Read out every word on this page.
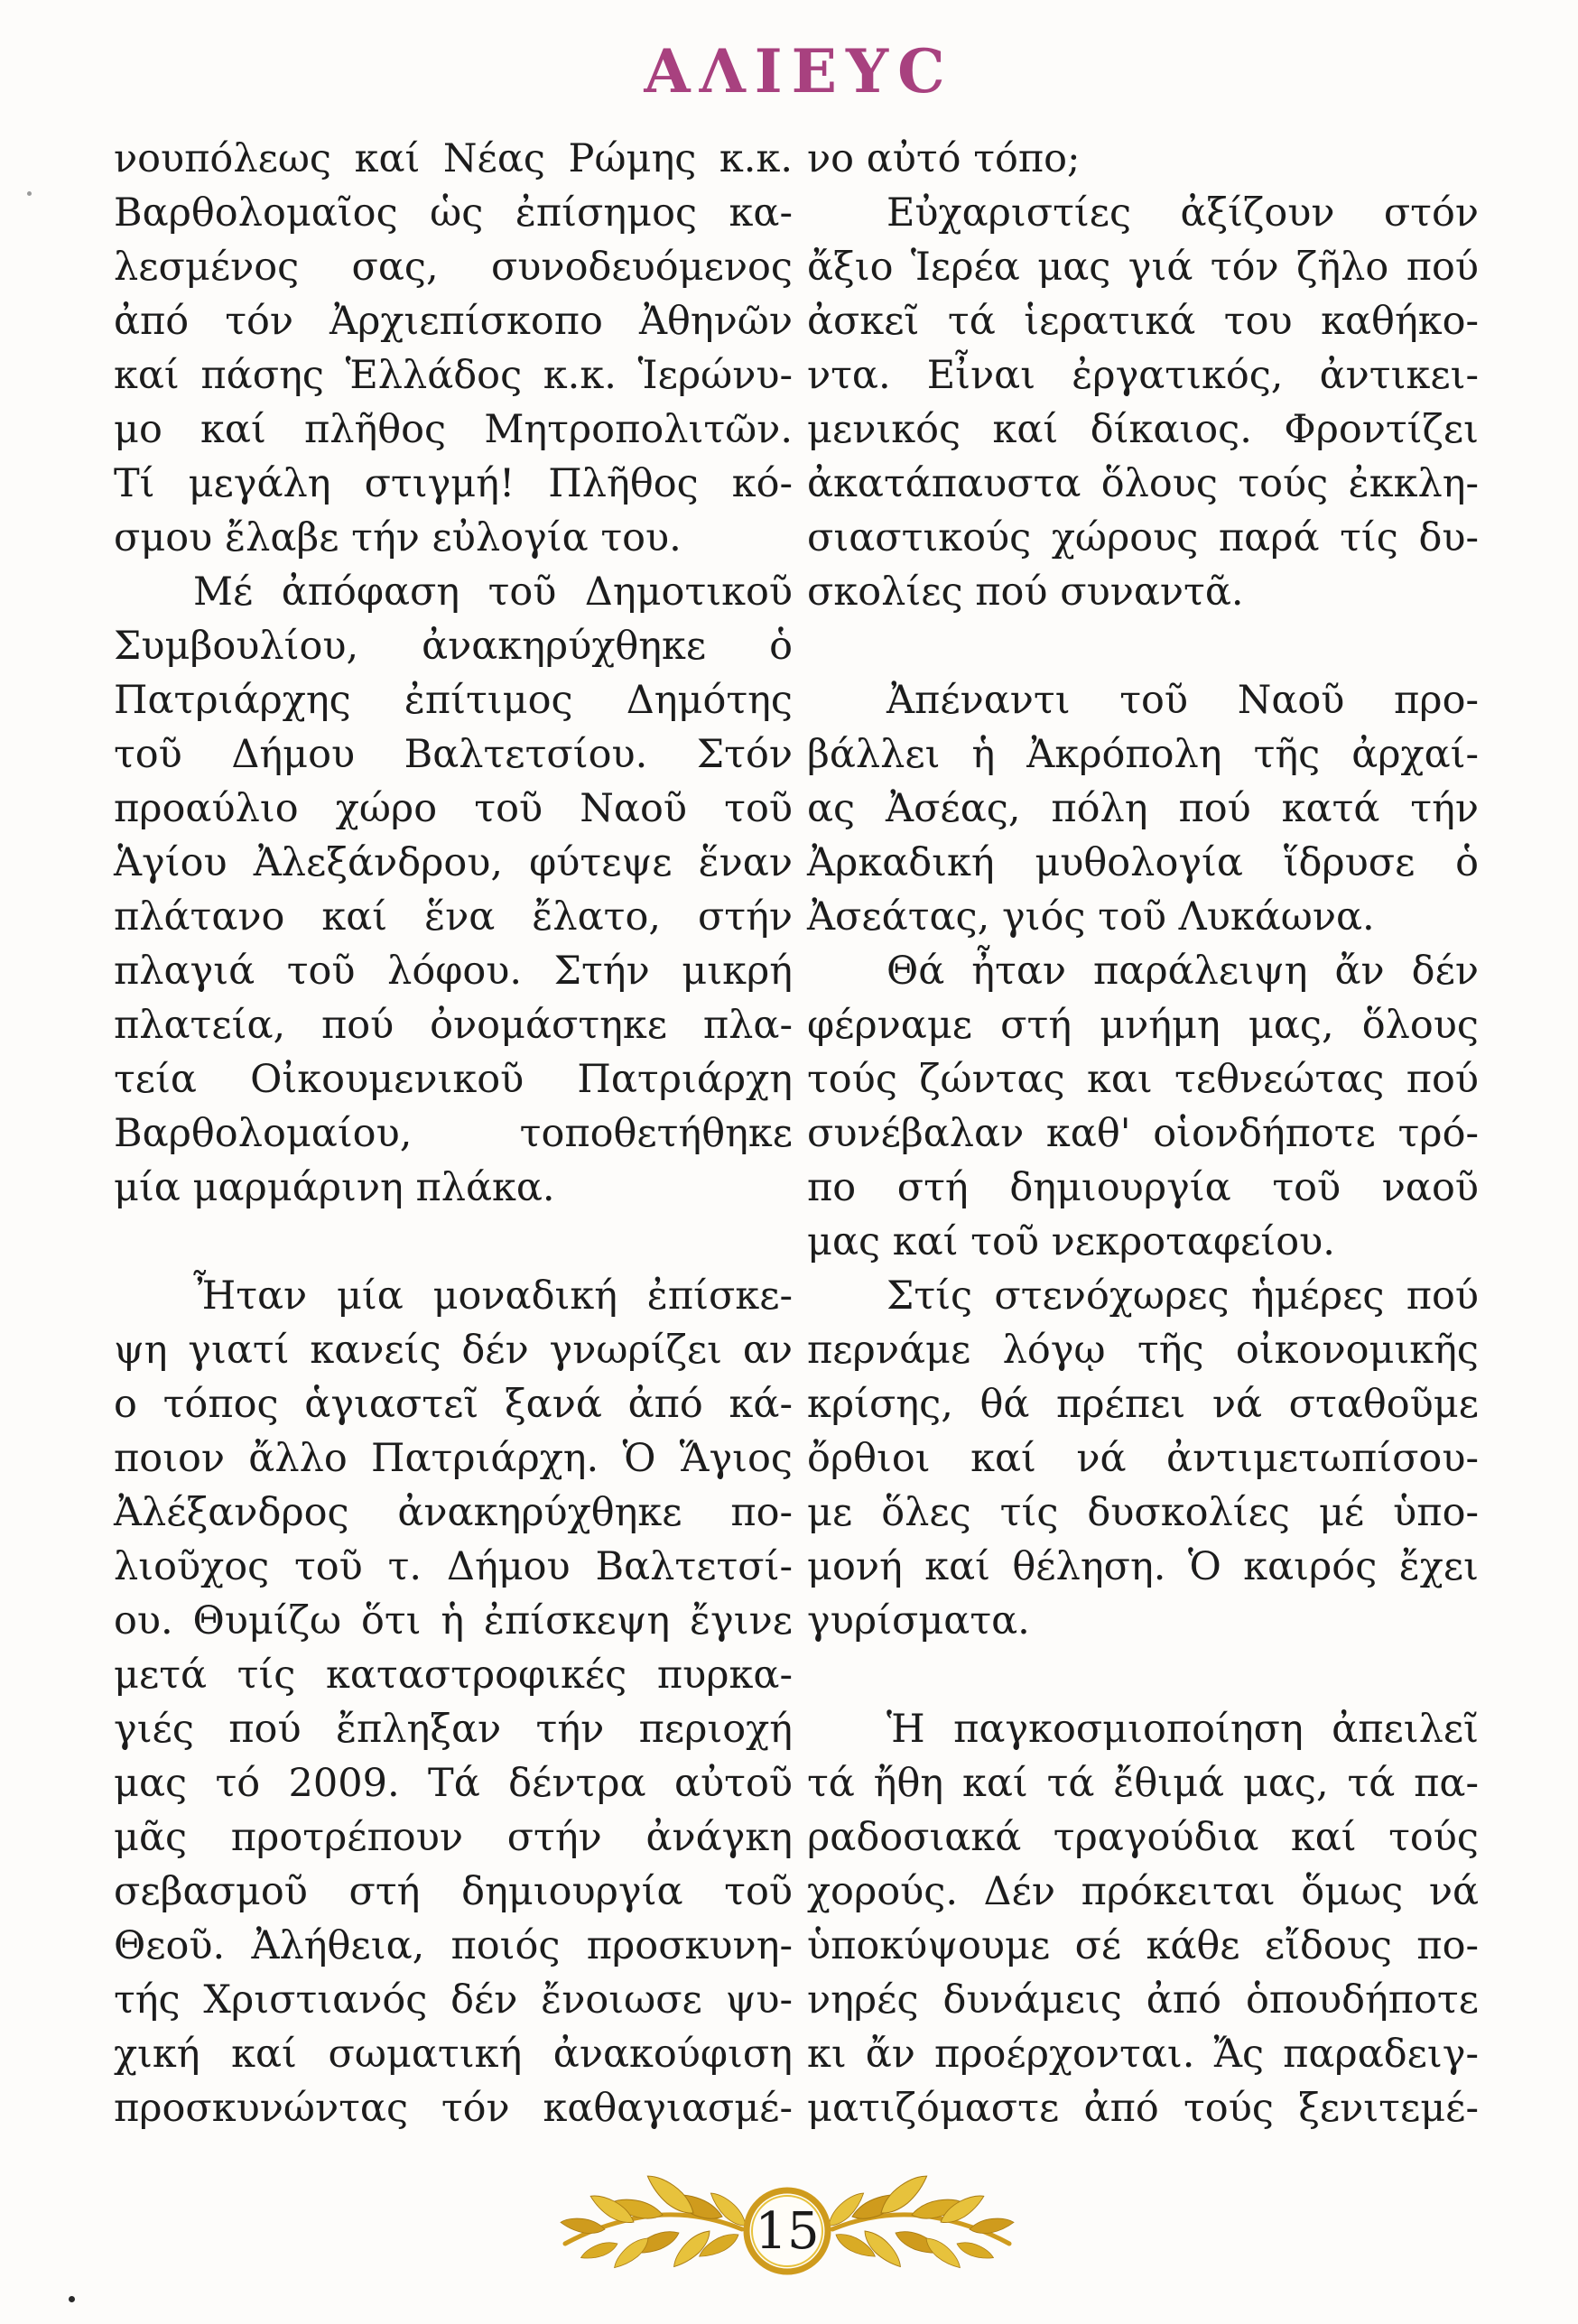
ΑΛΙΕΥC
νουπόλεως καί Νέας Ρώμης κ.κ.
Βαρθολομαῖος ὡς ἐπίσημος κα-
λεσμένος σας, συνοδευόμενος
ἀπό τόν Ἀρχιεπίσκοπο Ἀθηνῶν
καί πάσης Ἑλλάδος κ.κ. Ἱερώνυ-
μο καί πλῆθος Μητροπολιτῶν.
Τί μεγάλη στιγμή! Πλῆθος κό-
σμου ἔλαβε τήν εὐλογία του.
Μέ ἀπόφαση τοῦ Δημοτικοῦ
Συμβουλίου, ἀνακηρύχθηκε ὁ
Πατριάρχης ἐπίτιμος Δημότης
τοῦ Δήμου Βαλτετσίου. Στόν
προαύλιο χώρο τοῦ Ναοῦ τοῦ
Ἁγίου Ἀλεξάνδρου, φύτεψε ἕναν
πλάτανο καί ἕνα ἔλατο, στήν
πλαγιά τοῦ λόφου. Στήν μικρή
πλατεία, πού ὀνομάστηκε πλα-
τεία Οἰκουμενικοῦ Πατριάρχη
Βαρθολομαίου, τοποθετήθηκε
μία μαρμάρινη πλάκα.
Ἦταν μία μοναδική ἐπίσκε-
ψη γιατί κανείς δέν γνωρίζει αν
ο τόπος ἁγιαστεῖ ξανά ἀπό κά-
ποιον ἄλλο Πατριάρχη. Ὁ Ἅγιος
Ἀλέξανδρος ἀνακηρύχθηκε πο-
λιοῦχος τοῦ τ. Δήμου Βαλτετσί-
ου. Θυμίζω ὅτι ἡ ἐπίσκεψη ἔγινε
μετά τίς καταστροφικές πυρκα-
γιές πού ἔπληξαν τήν περιοχή
μας τό 2009. Τά δέντρα αὐτοῦ
μᾶς προτρέπουν στήν ἀνάγκη
σεβασμοῦ στή δημιουργία τοῦ
Θεοῦ. Ἀλήθεια, ποιός προσκυνη-
τής Χριστιανός δέν ἔνοιωσε ψυ-
χική καί σωματική ἀνακούφιση
προσκυνώντας τόν καθαγιασμέ-
νο αὐτό τόπο;
Εὐχαριστίες ἀξίζουν στόν
ἄξιο Ἱερέα μας γιά τόν ζῆλο πού
ἀσκεῖ τά ἱερατικά του καθήκο-
ντα. Εἶναι ἐργατικός, ἀντικει-
μενικός καί δίκαιος. Φροντίζει
ἀκατάπαυστα ὅλους τούς ἐκκλη-
σιαστικούς χώρους παρά τίς δυ-
σκολίες πού συναντᾶ.
Ἀπέναντι τοῦ Ναοῦ προ-
βάλλει ἡ Ἀκρόπολη τῆς ἀρχαί-
ας Ἀσέας, πόλη πού κατά τήν
Ἀρκαδική μυθολογία ἵδρυσε ὁ
Ἀσεάτας, γιός τοῦ Λυκάωνα.
Θά ἦταν παράλειψη ἄν δέν
φέρναμε στή μνήμη μας, ὅλους
τούς ζώντας και τεθνεώτας πού
συνέβαλαν καθ' οἱονδήποτε τρό-
πο στή δημιουργία τοῦ ναοῦ
μας καί τοῦ νεκροταφείου.
Στίς στενόχωρες ἡμέρες πού
περνάμε λόγῳ τῆς οἰκονομικῆς
κρίσης, θά πρέπει νά σταθοῦμε
ὄρθιοι καί νά ἀντιμετωπίσου-
με ὅλες τίς δυσκολίες μέ ὑπο-
μονή καί θέληση. Ὁ καιρός ἔχει
γυρίσματα.
Ἡ παγκοσμιοποίηση ἀπειλεῖ
τά ἤθη καί τά ἔθιμά μας, τά πα-
ραδοσιακά τραγούδια καί τούς
χορούς. Δέν πρόκειται ὅμως νά
ὑποκύψουμε σέ κάθε εἴδους πο-
νηρές δυνάμεις ἀπό ὁπουδήποτε
κι ἄν προέρχονται. Ἄς παραδειγ-
ματιζόμαστε ἀπό τούς ξενιτεμέ-
15
